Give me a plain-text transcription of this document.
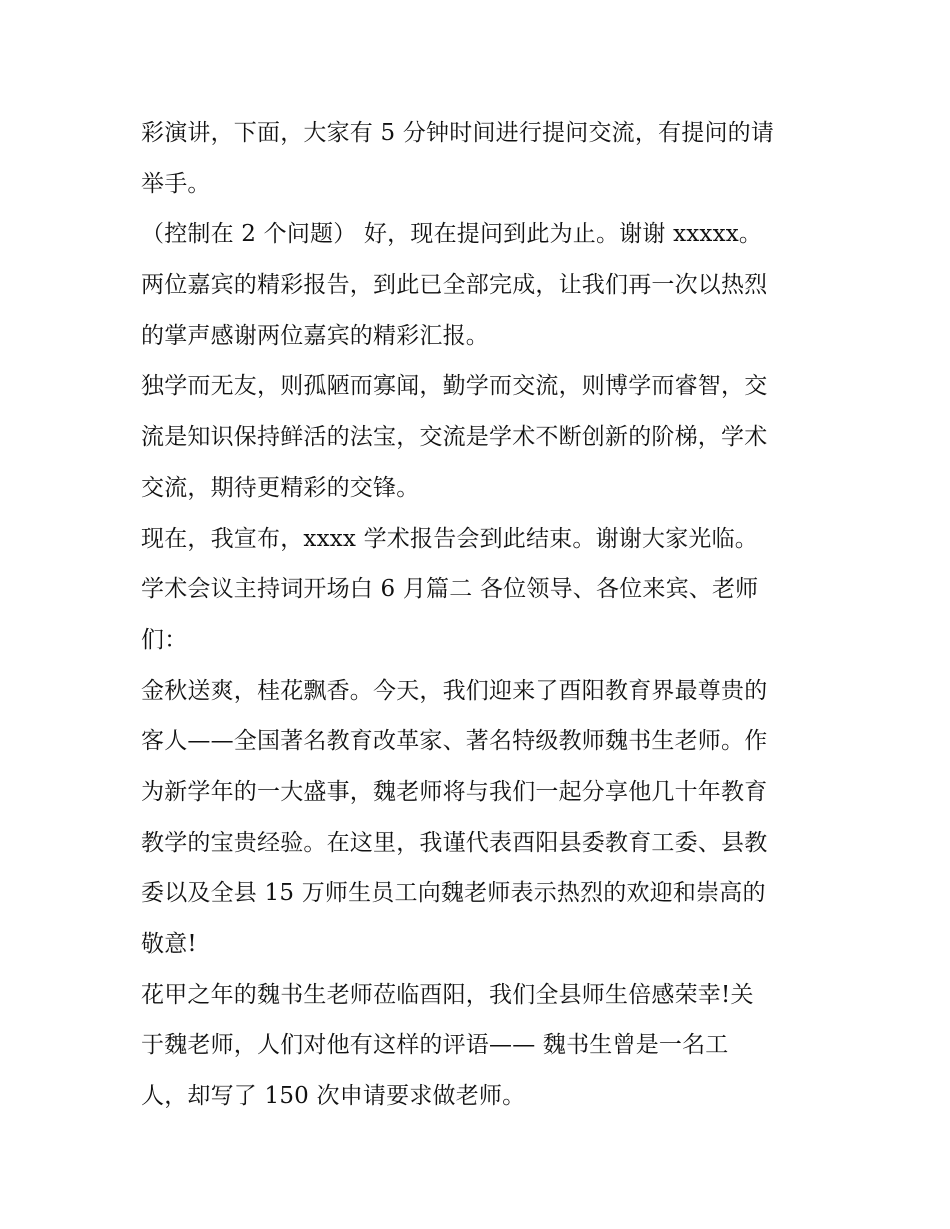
彩演讲，下面，大家有 5 分钟时间进行提问交流，有提问的请
举手。
（控制在 2 个问题） 好，现在提问到此为止。谢谢 xxxxx。
两位嘉宾的精彩报告，到此已全部完成，让我们再一次以热烈
的掌声感谢两位嘉宾的精彩汇报。
独学而无友，则孤陋而寡闻，勤学而交流，则博学而睿智，交
流是知识保持鲜活的法宝，交流是学术不断创新的阶梯，学术
交流，期待更精彩的交锋。
现在，我宣布，xxxx 学术报告会到此结束。谢谢大家光临。
学术会议主持词开场白 6 月篇二 各位领导、各位来宾、老师
们：
金秋送爽，桂花飘香。今天，我们迎来了酉阳教育界最尊贵的
客人——全国著名教育改革家、著名特级教师魏书生老师。作
为新学年的一大盛事，魏老师将与我们一起分享他几十年教育
教学的宝贵经验。在这里，我谨代表酉阳县委教育工委、县教
委以及全县 15 万师生员工向魏老师表示热烈的欢迎和崇高的
敬意!
花甲之年的魏书生老师莅临酉阳，我们全县师生倍感荣幸!关
于魏老师，人们对他有这样的评语—— 魏书生曾是一名工
人，却写了 150 次申请要求做老师。
